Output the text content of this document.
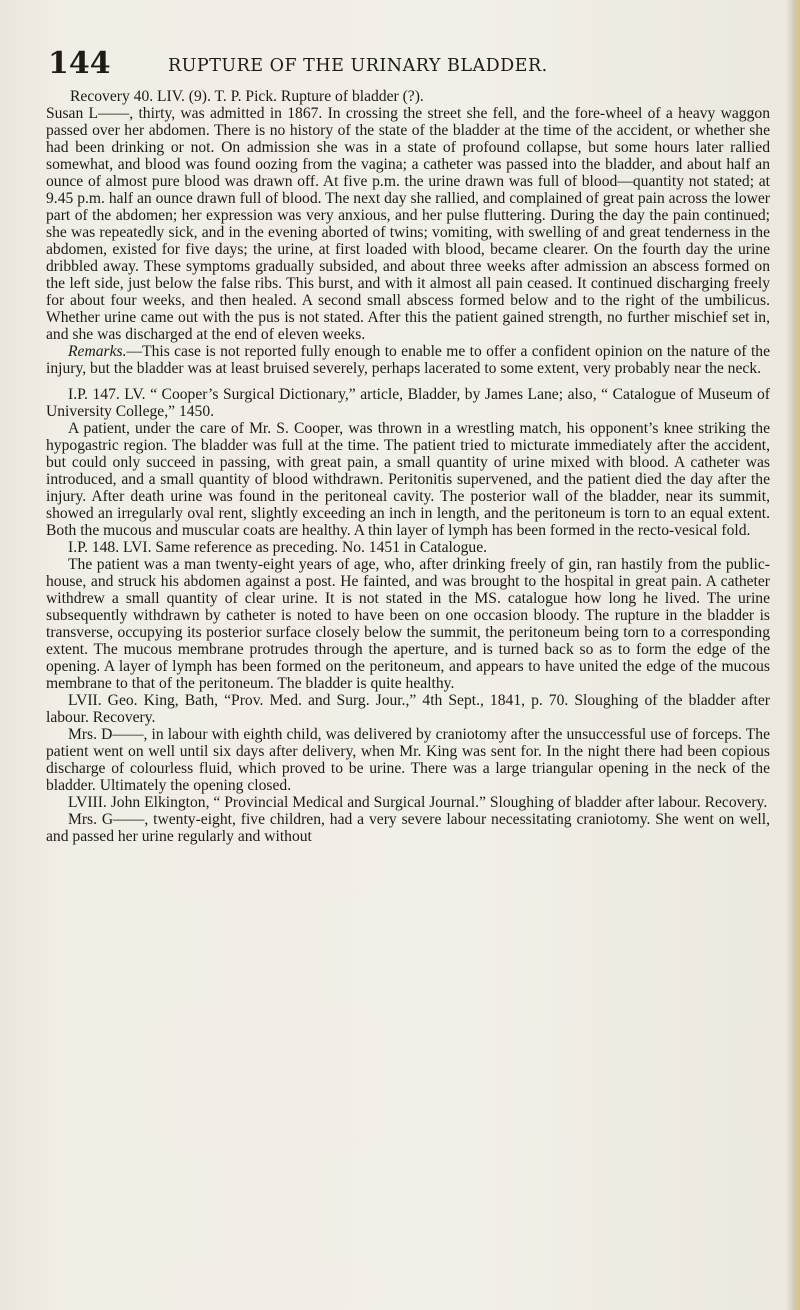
144	RUPTURE OF THE URINARY BLADDER.

Recovery 40. LIV. (9). T. P. Pick. Rupture of bladder (?).

Susan L——, thirty, was admitted in 1867. In crossing the street she fell, and the fore-wheel of a heavy waggon passed over her abdomen. There is no history of the state of the bladder at the time of the accident, or whether she had been drinking or not. On admission she was in a state of profound collapse, but some hours later rallied somewhat, and blood was found oozing from the vagina; a catheter was passed into the bladder, and about half an ounce of almost pure blood was drawn off. At five p.m. the urine drawn was full of blood—quantity not stated; at 9.45 p.m. half an ounce drawn full of blood. The next day she rallied, and complained of great pain across the lower part of the abdomen; her expression was very anxious, and her pulse fluttering. During the day the pain continued; she was repeatedly sick, and in the evening aborted of twins; vomiting, with swelling of and great tenderness in the abdomen, existed for five days; the urine, at first loaded with blood, became clearer. On the fourth day the urine dribbled away. These symptoms gradually subsided, and about three weeks after admission an abscess formed on the left side, just below the false ribs. This burst, and with it almost all pain ceased. It continued discharging freely for about four weeks, and then healed. A second small abscess formed below and to the right of the umbilicus. Whether urine came out with the pus is not stated. After this the patient gained strength, no further mischief set in, and she was discharged at the end of eleven weeks.

Remarks.—This case is not reported fully enough to enable me to offer a confident opinion on the nature of the injury, but the bladder was at least bruised severely, perhaps lacerated to some extent, very probably near the neck.

I.P. 147. LV. “ Cooper’s Surgical Dictionary,” article, Bladder, by James Lane; also, “ Catalogue of Museum of University College,” 1450.

A patient, under the care of Mr. S. Cooper, was thrown in a wrestling match, his opponent’s knee striking the hypogastric region. The bladder was full at the time. The patient tried to micturate immediately after the accident, but could only succeed in passing, with great pain, a small quantity of urine mixed with blood. A catheter was introduced, and a small quantity of blood withdrawn. Peritonitis supervened, and the patient died the day after the injury. After death urine was found in the peritoneal cavity. The posterior wall of the bladder, near its summit, showed an irregularly oval rent, slightly exceeding an inch in length, and the peritoneum is torn to an equal extent. Both the mucous and muscular coats are healthy. A thin layer of lymph has been formed in the recto-vesical fold.

I.P. 148. LVI. Same reference as preceding. No. 1451 in Catalogue.

The patient was a man twenty-eight years of age, who, after drinking freely of gin, ran hastily from the public-house, and struck his abdomen against a post. He fainted, and was brought to the hospital in great pain. A catheter withdrew a small quantity of clear urine. It is not stated in the MS. catalogue how long he lived. The urine subsequently withdrawn by catheter is noted to have been on one occasion bloody. The rupture in the bladder is transverse, occupying its posterior surface closely below the summit, the peritoneum being torn to a corresponding extent. The mucous membrane protrudes through the aperture, and is turned back so as to form the edge of the opening. A layer of lymph has been formed on the peritoneum, and appears to have united the edge of the mucous membrane to that of the peritoneum. The bladder is quite healthy.

LVII. Geo. King, Bath, “Prov. Med. and Surg. Jour.,” 4th Sept., 1841, p. 70. Sloughing of the bladder after labour. Recovery.

Mrs. D——, in labour with eighth child, was delivered by craniotomy after the unsuccessful use of forceps. The patient went on well until six days after delivery, when Mr. King was sent for. In the night there had been copious discharge of colourless fluid, which proved to be urine. There was a large triangular opening in the neck of the bladder. Ultimately the opening closed.

LVIII. John Elkington, “ Provincial Medical and Surgical Journal.” Sloughing of bladder after labour. Recovery.

Mrs. G——, twenty-eight, five children, had a very severe labour necessitating craniotomy. She went on well, and passed her urine regularly and without
